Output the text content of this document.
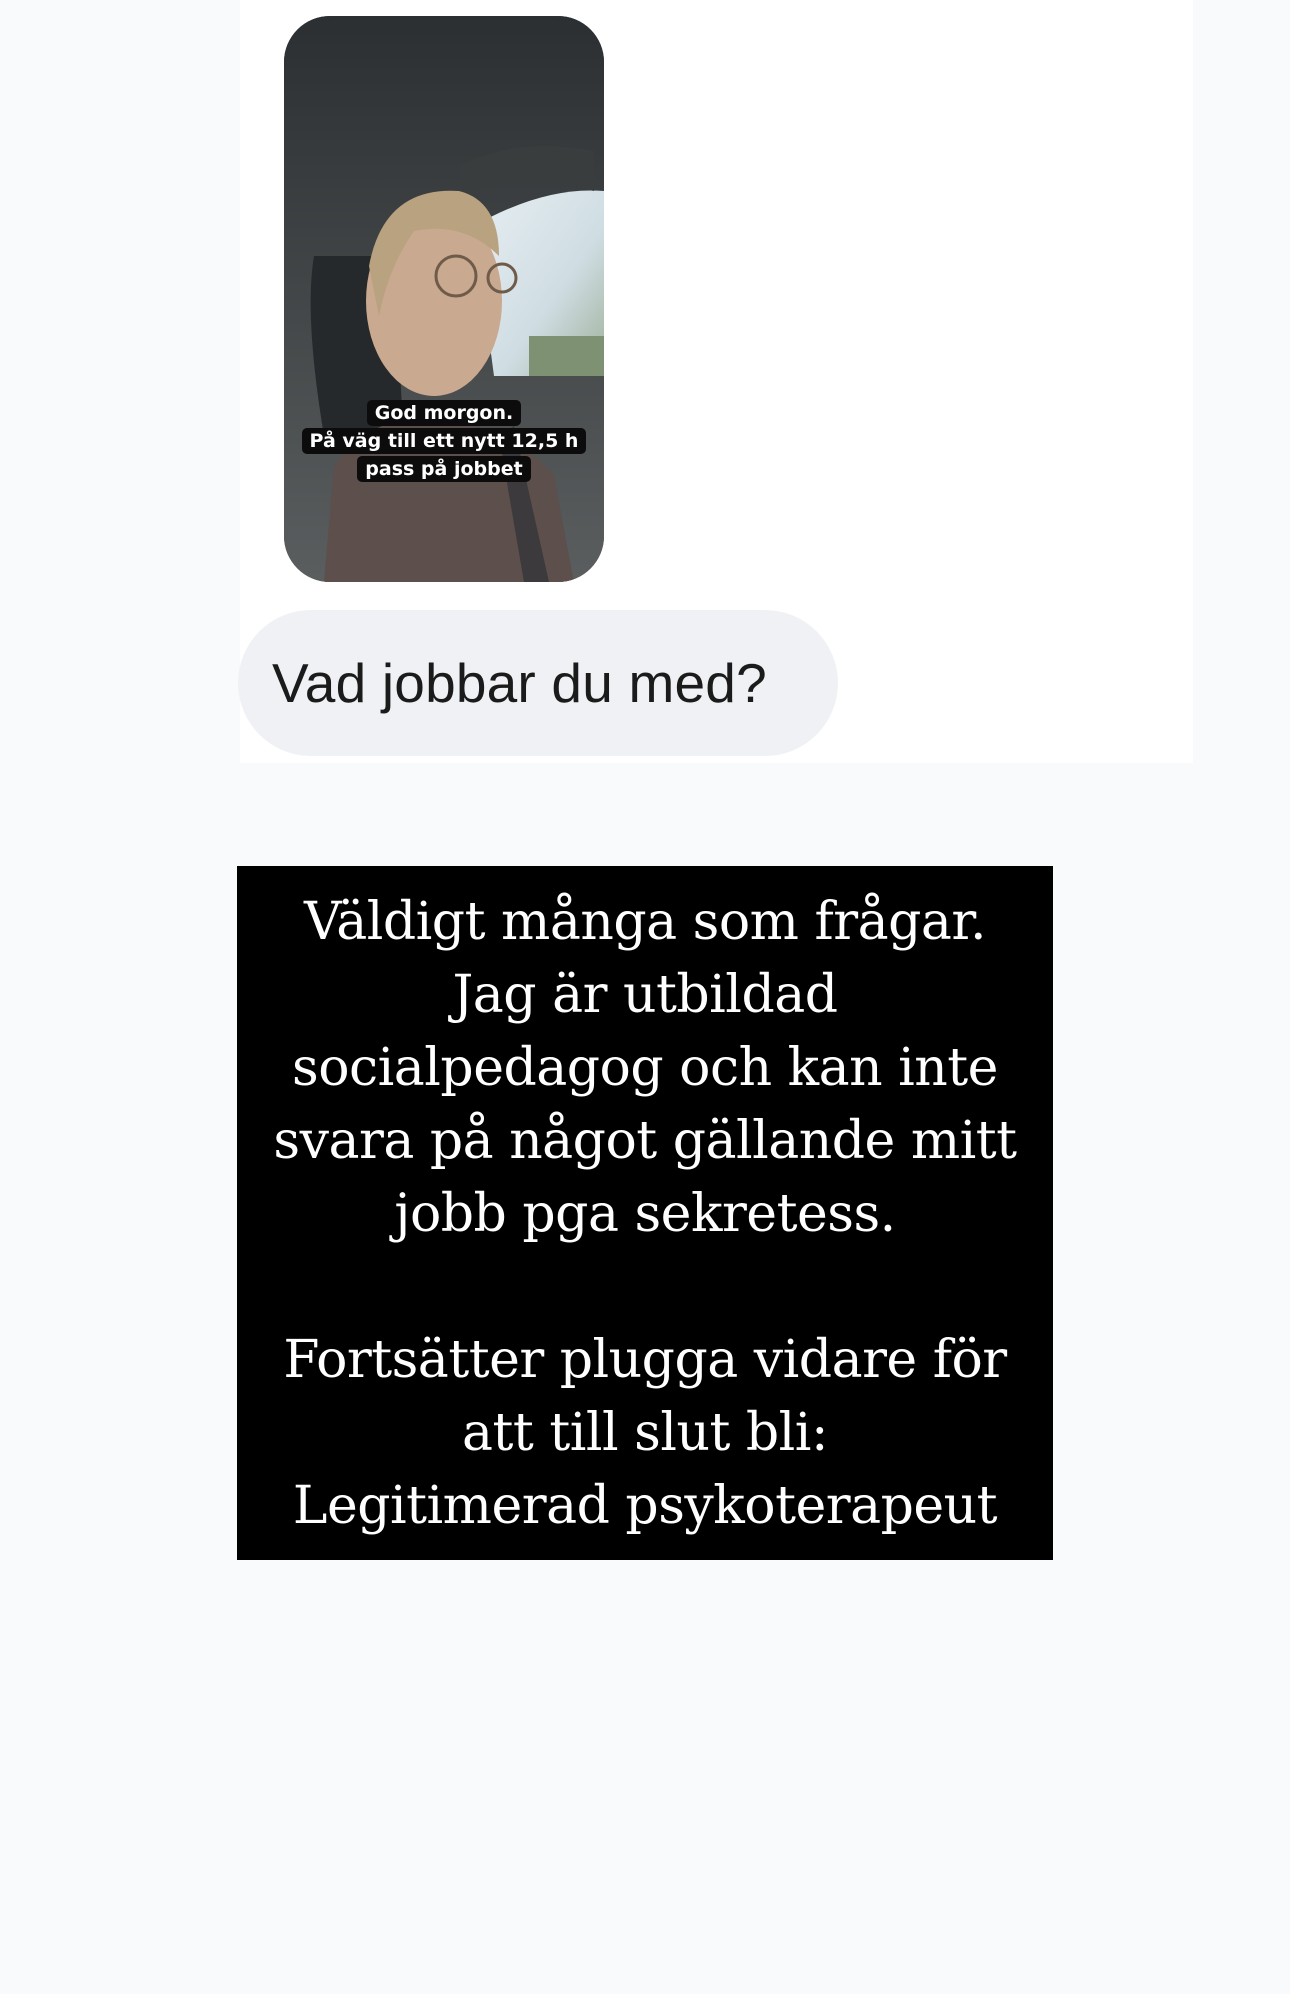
God morgon.
På väg till ett nytt 12,5 h
pass på jobbet
Vad jobbar du med?
Väldigt många som frågar.
Jag är utbildad
socialpedagog och kan inte
svara på något gällande mitt
jobb pga sekretess.
Fortsätter plugga vidare för
att till slut bli:
Legitimerad psykoterapeut
